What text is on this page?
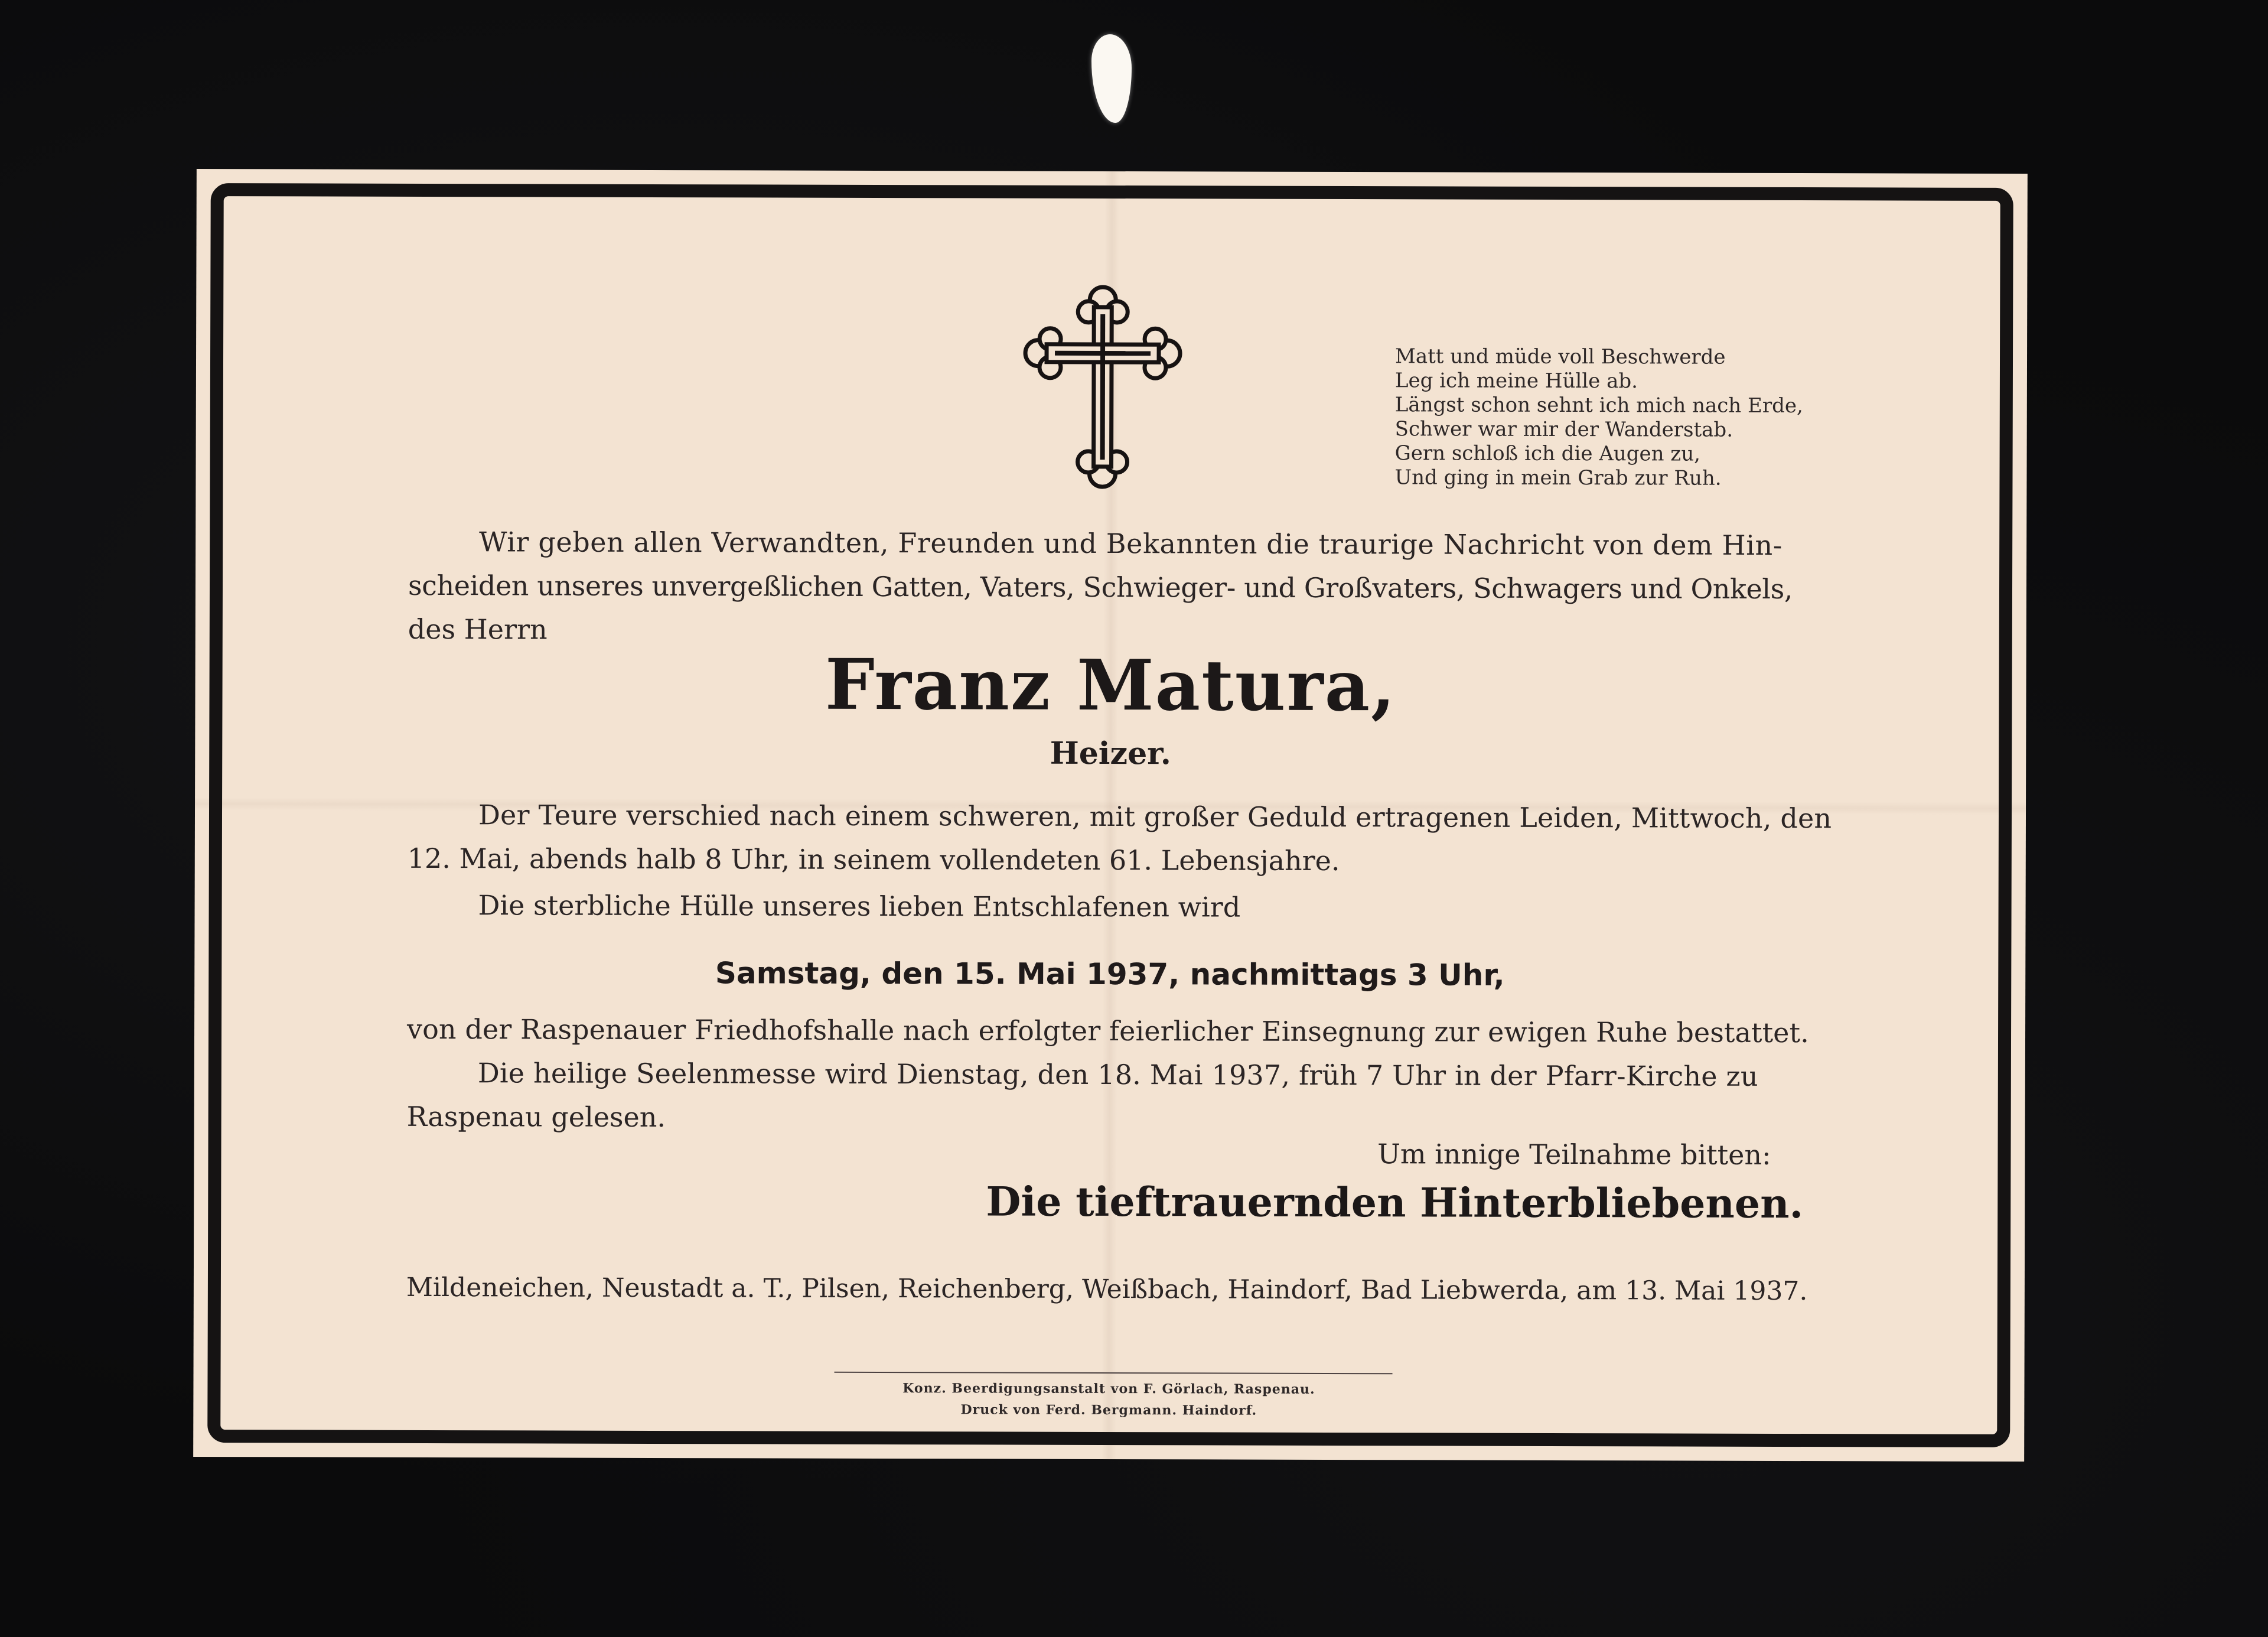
Matt und müde voll Beschwerde
Leg ich meine Hülle ab.
Längst schon sehnt ich mich nach Erde,
Schwer war mir der Wanderstab.
Gern schloß ich die Augen zu,
Und ging in mein Grab zur Ruh.
Wir geben allen Verwandten, Freunden und Bekannten die traurige Nachricht von dem Hin-
scheiden unseres unvergeßlichen Gatten, Vaters, Schwieger- und Großvaters, Schwagers und Onkels,
des Herrn
Franz Matura,
Heizer.
Der Teure verschied nach einem schweren, mit großer Geduld ertragenen Leiden, Mittwoch, den
12. Mai, abends halb 8 Uhr, in seinem vollendeten 61. Lebensjahre.
Die sterbliche Hülle unseres lieben Entschlafenen wird
Samstag, den 15. Mai 1937, nachmittags 3 Uhr,
von der Raspenauer Friedhofshalle nach erfolgter feierlicher Einsegnung zur ewigen Ruhe bestattet.
Die heilige Seelenmesse wird Dienstag, den 18. Mai 1937, früh 7 Uhr in der Pfarr-Kirche zu
Raspenau gelesen.
Um innige Teilnahme bitten:
Die tieftrauernden Hinterbliebenen.
Mildeneichen, Neustadt a. T., Pilsen, Reichenberg, Weißbach, Haindorf, Bad Liebwerda, am 13. Mai 1937.
Konz. Beerdigungsanstalt von F. Görlach, Raspenau.
Druck von Ferd. Bergmann. Haindorf.
